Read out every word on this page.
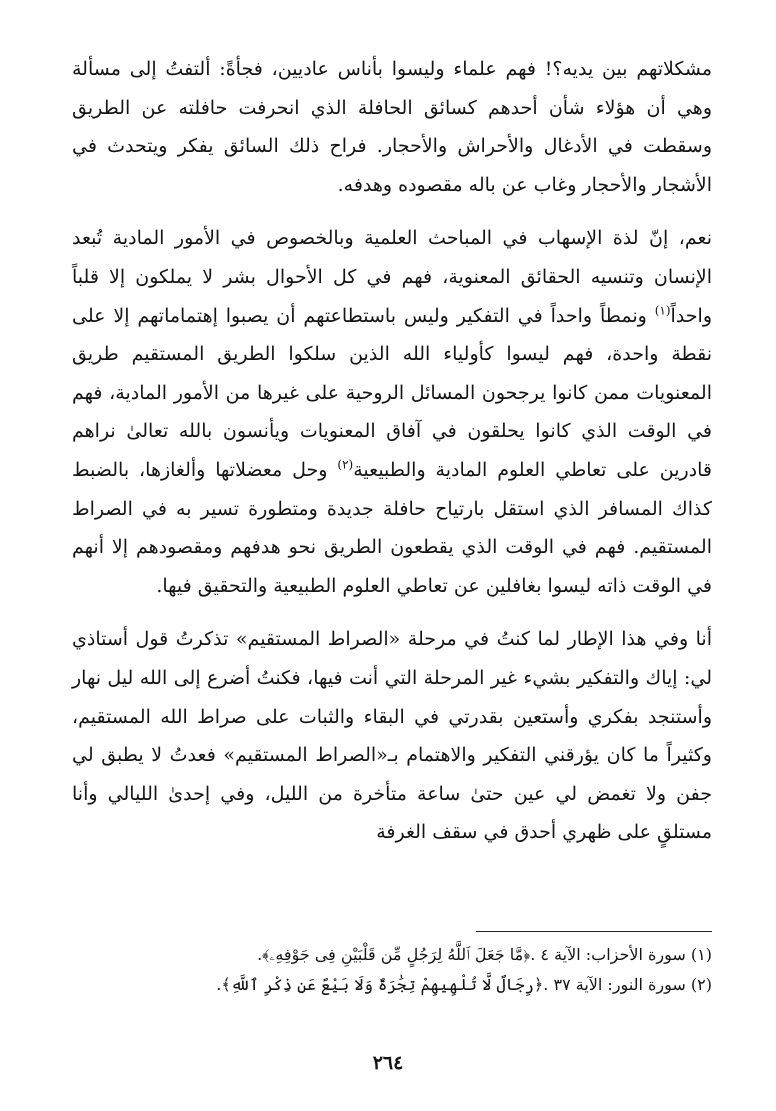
مشكلاتهم بين يديه؟! فهم علماء وليسوا بأناس عاديين، فجأةً: ألتفتُ إلى مسألة وهي أن هؤلاء شأن أحدهم كسائق الحافلة الذي انحرفت حافلته عن الطريق وسقطت في الأدغال والأحراش والأحجار. فراح ذلك السائق يفكر ويتحدث في الأشجار والأحجار وغاب عن باله مقصوده وهدفه.

نعم، إنّ لذة الإسهاب في المباحث العلمية وبالخصوص في الأمور المادية تُبعد الإنسان وتنسيه الحقائق المعنوية، فهم في كل الأحوال بشر لا يملكون إلا قلباً واحداً$^{(١)}$ ونمطاً واحداً في التفكير وليس باستطاعتهم أن يصبوا إهتماماتهم إلا على نقطة واحدة، فهم ليسوا كأولياء الله الذين سلكوا الطريق المستقيم طريق المعنويات ممن كانوا يرجحون المسائل الروحية على غيرها من الأمور المادية، فهم في الوقت الذي كانوا يحلقون في آفاق المعنويات ويأنسون بالله تعالىٰ نراهم قادرين على تعاطي العلوم المادية والطبيعية$^{(٢)}$ وحل معضلاتها وألغازها، بالضبط كذاك المسافر الذي استقل بارتياح حافلة جديدة ومتطورة تسير به في الصراط المستقيم. فهم في الوقت الذي يقطعون الطريق نحو هدفهم ومقصودهم إلا أنهم في الوقت ذاته ليسوا بغافلين عن تعاطي العلوم الطبيعية والتحقيق فيها.

أنا وفي هذا الإطار لما كنتُ في مرحلة «الصراط المستقيم» تذكرتُ قول أستاذي لي: إياك والتفكير بشيء غير المرحلة التي أنت فيها، فكنتُ أضرع إلى الله ليل نهار وأستنجد بفكري وأستعين بقدرتي في البقاء والثبات على صراط الله المستقيم، وكثيراً ما كان يؤرقني التفكير والاهتمام بـ«الصراط المستقيم» فعدتُ لا يطبق لي جفن ولا تغمض لي عين حتىٰ ساعة متأخرة من الليل، وفي إحدىٰ الليالي وأنا مستلقٍ على ظهري أحدق في سقف الغرفة

(١) سورة الأحزاب: الآية ٤ .﴿مَّا جَعَلَ ٱللَّهُ لِرَجُلٍ مِّن قَلْبَيْنِ فِى جَوْفِهِۦ﴾.

(٢) سورة النور: الآية ٣٧ .﴿رِجَالٌ لَّا تُلْهِيهِمْ تِجَٰرَةٌ وَلَا بَيْعٌ عَن ذِكْرِ ٱللَّهِ﴾.

٢٦٤
